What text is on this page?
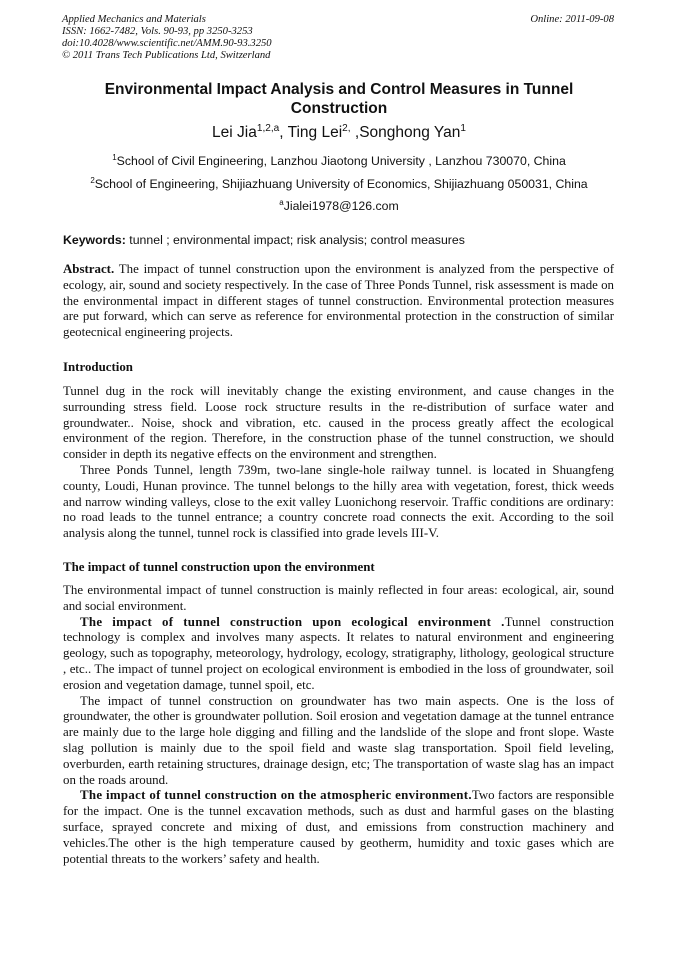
Applied Mechanics and Materials
ISSN: 1662-7482, Vols. 90-93, pp 3250-3253
doi:10.4028/www.scientific.net/AMM.90-93.3250
© 2011 Trans Tech Publications Ltd, Switzerland
Online: 2011-09-08
Environmental Impact Analysis and Control Measures in Tunnel
Construction
Lei Jia$^{1,2,a}$, Ting Lei$^{2,}$ ,Songhong Yan$^1$
$^1$School of Civil Engineering, Lanzhou Jiaotong University , Lanzhou 730070, China
$^2$School of Engineering, Shijiazhuang University of Economics, Shijiazhuang 050031, China
$^a$Jialei1978@126.com
Keywords: tunnel ; environmental impact; risk analysis; control measures

Abstract. The impact of tunnel construction upon the environment is analyzed from the perspective of ecology, air, sound and society respectively. In the case of Three Ponds Tunnel, risk assessment is made on the environmental impact in different stages of tunnel construction. Environmental protection measures are put forward, which can serve as reference for environmental protection in the construction of similar geotecnical engineering projects.

Introduction

Tunnel dug in the rock will inevitably change the existing environment, and cause changes in the surrounding stress field. Loose rock structure results in the re-distribution of surface water and groundwater.. Noise, shock and vibration, etc. caused in the process greatly affect the ecological environment of the region. Therefore, in the construction phase of the tunnel construction, we should consider in depth its negative effects on the environment and strengthen.

Three Ponds Tunnel, length 739m, two-lane single-hole railway tunnel. is located in Shuangfeng county, Loudi, Hunan province. The tunnel belongs to the hilly area with vegetation, forest, thick weeds and narrow winding valleys, close to the exit valley Luonichong reservoir. Traffic conditions are ordinary: no road leads to the tunnel entrance; a country concrete road connects the exit. According to the soil analysis along the tunnel, tunnel rock is classified into grade levels III-V.

The impact of tunnel construction upon the environment

The environmental impact of tunnel construction is mainly reflected in four areas: ecological, air, sound and social environment.

The impact of tunnel construction upon ecological environment .Tunnel construction technology is complex and involves many aspects. It relates to natural environment and engineering geology, such as topography, meteorology, hydrology, ecology, stratigraphy, lithology, geological structure , etc.. The impact of tunnel project on ecological environment is embodied in the loss of groundwater, soil erosion and vegetation damage, tunnel spoil, etc.

The impact of tunnel construction on groundwater has two main aspects. One is the loss of groundwater, the other is groundwater pollution. Soil erosion and vegetation damage at the tunnel entrance are mainly due to the large hole digging and filling and the landslide of the slope and front slope. Waste slag pollution is mainly due to the spoil field and waste slag transportation. Spoil field leveling, overburden, earth retaining structures, drainage design, etc; The transportation of waste slag has an impact on the roads around.

The impact of tunnel construction on the atmospheric environment.Two factors are responsible for the impact. One is the tunnel excavation methods, such as dust and harmful gases on the blasting surface, sprayed concrete and mixing of dust, and emissions from construction machinery and vehicles.The other is the high temperature caused by geotherm, humidity and toxic gases which are potential threats to the workers’ safety and health.
